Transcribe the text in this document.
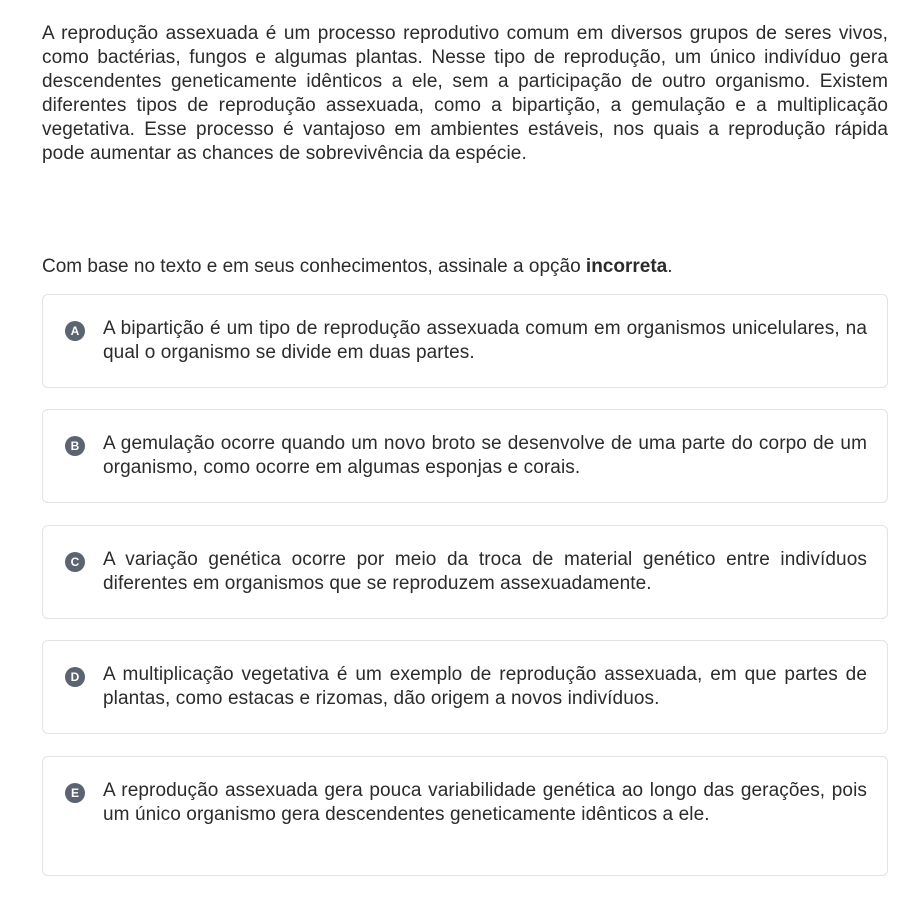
A reprodução assexuada é um processo reprodutivo comum em diversos grupos de seres vivos, como bactérias, fungos e algumas plantas. Nesse tipo de reprodução, um único indivíduo gera descendentes geneticamente idênticos a ele, sem a participação de outro organismo. Existem diferentes tipos de reprodução assexuada, como a bipartição, a gemulação e a multiplicação vegetativa. Esse processo é vantajoso em ambientes estáveis, nos quais a reprodução rápida pode aumentar as chances de sobrevivência da espécie.

Com base no texto e em seus conhecimentos, assinale a opção incorreta.

A A bipartição é um tipo de reprodução assexuada comum em organismos unicelulares, na qual o organismo se divide em duas partes.
B A gemulação ocorre quando um novo broto se desenvolve de uma parte do corpo de um organismo, como ocorre em algumas esponjas e corais.
C A variação genética ocorre por meio da troca de material genético entre indivíduos diferentes em organismos que se reproduzem assexuadamente.
D A multiplicação vegetativa é um exemplo de reprodução assexuada, em que partes de plantas, como estacas e rizomas, dão origem a novos indivíduos.
E	A reprodução assexuada gera pouca variabilidade genética ao longo das gerações, pois um único organismo gera descendentes geneticamente idênticos a ele.
